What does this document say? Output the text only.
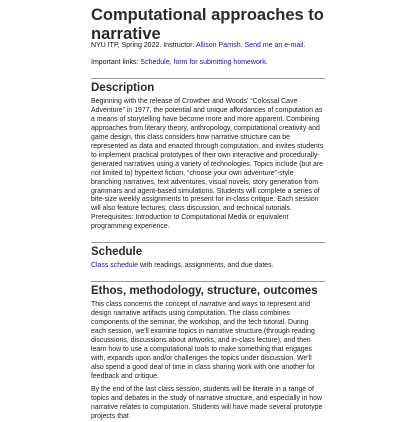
Computational approaches to narrative

NYU ITP, Spring 2022. Instructor: Allison Parrish. Send me an e-mail.

Important links: Schedule, form for submitting homework.

Description

Beginning with the release of Crowther and Woods' “Colossal Cave Adventure” in 1977, the potential and unique affordances of computation as a means of storytelling have become more and more apparent. Combining approaches from literary theory, anthropology, computational creativity and game design, this class considers how narrative structure can be represented as data and enacted through computation, and invites students to implement practical prototypes of their own interactive and procedurally-generated narratives using a variety of technologies. Topics include (but are not limited to) hypertext fiction, “choose your own adventure”-style branching narratives, text adventures, visual novels, story generation from grammars and agent-based simulations. Students will complete a series of bite-size weekly assignments to present for in-class critique. Each session will also feature lectures, class discussion, and technical tutorials. Prerequisites: Introduction to Computational Media or equivalent programming experience.

Schedule

Class schedule with readings, assignments, and due dates.

Ethos, methodology, structure, outcomes

This class concerns the concept of narrative and ways to represent and design narrative artifacts using computation. The class combines components of the seminar, the workshop, and the tech tutorial. During each session, we'll examine topics in narrative structure (through reading discussions, discussions about artworks, and in-class lecture), and then learn how to use a computational tools to make something that engages with, expands upon and/or challenges the topics under discussion. We'll also spend a good deal of time in class sharing work with one another for feedback and critique.

By the end of the last class session, students will be literate in a range of topics and debates in the study of narrative structure, and especially in how narrative relates to computation. Students will have made several prototype projects that
